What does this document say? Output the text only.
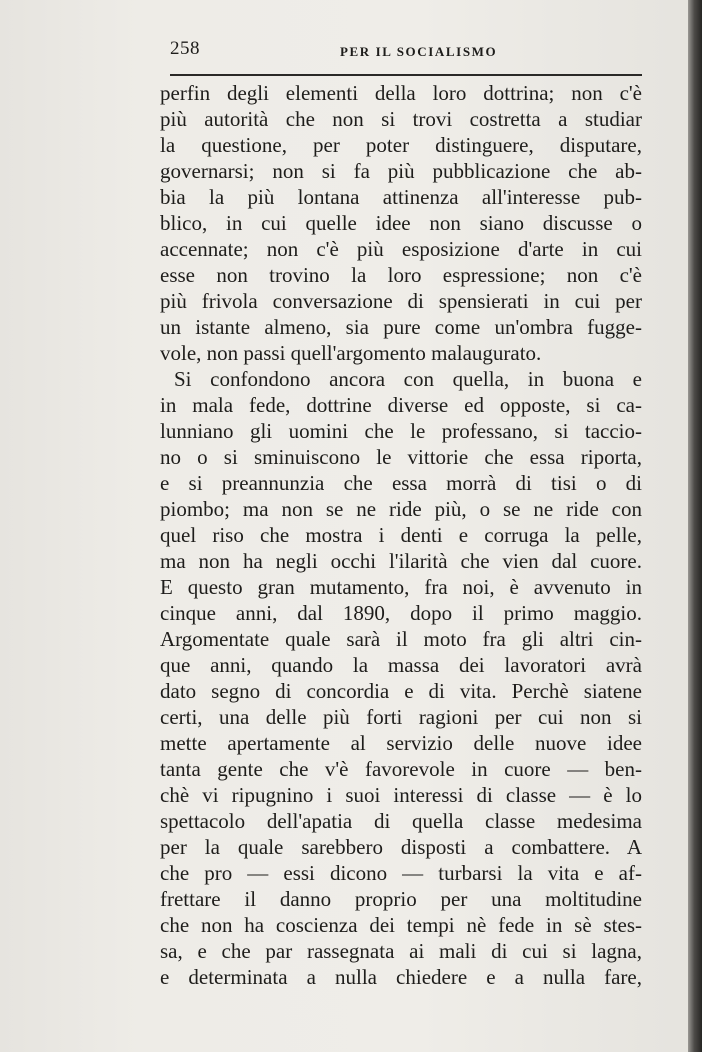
258	PER IL SOCIALISMO
perfin degli elementi della loro dottrina; non c'è
più autorità che non si trovi costretta a studiar
la questione, per poter distinguere, disputare,
governarsi; non si fa più pubblicazione che ab-
bia la più lontana attinenza all'interesse pub-
blico, in cui quelle idee non siano discusse o
accennate; non c'è più esposizione d'arte in cui
esse non trovino la loro espressione; non c'è
più frivola conversazione di spensierati in cui per
un istante almeno, sia pure come un'ombra fugge-
vole, non passi quell'argomento malaugurato.
Si confondono ancora con quella, in buona e
in mala fede, dottrine diverse ed opposte, si ca-
lunniano gli uomini che le professano, si taccio-
no o si sminuiscono le vittorie che essa riporta,
e si preannunzia che essa morrà di tisi o di
piombo; ma non se ne ride più, o se ne ride con
quel riso che mostra i denti e corruga la pelle,
ma non ha negli occhi l'ilarità che vien dal cuore.
E questo gran mutamento, fra noi, è avvenuto in
cinque anni, dal 1890, dopo il primo maggio.
Argomentate quale sarà il moto fra gli altri cin-
que anni, quando la massa dei lavoratori avrà
dato segno di concordia e di vita. Perchè siatene
certi, una delle più forti ragioni per cui non si
mette apertamente al servizio delle nuove idee
tanta gente che v'è favorevole in cuore — ben-
chè vi ripugnino i suoi interessi di classe — è lo
spettacolo dell'apatia di quella classe medesima
per la quale sarebbero disposti a combattere. A
che pro — essi dicono — turbarsi la vita e af-
frettare il danno proprio per una moltitudine
che non ha coscienza dei tempi nè fede in sè stes-
sa, e che par rassegnata ai mali di cui si lagna,
e determinata a nulla chiedere e a nulla fare,
